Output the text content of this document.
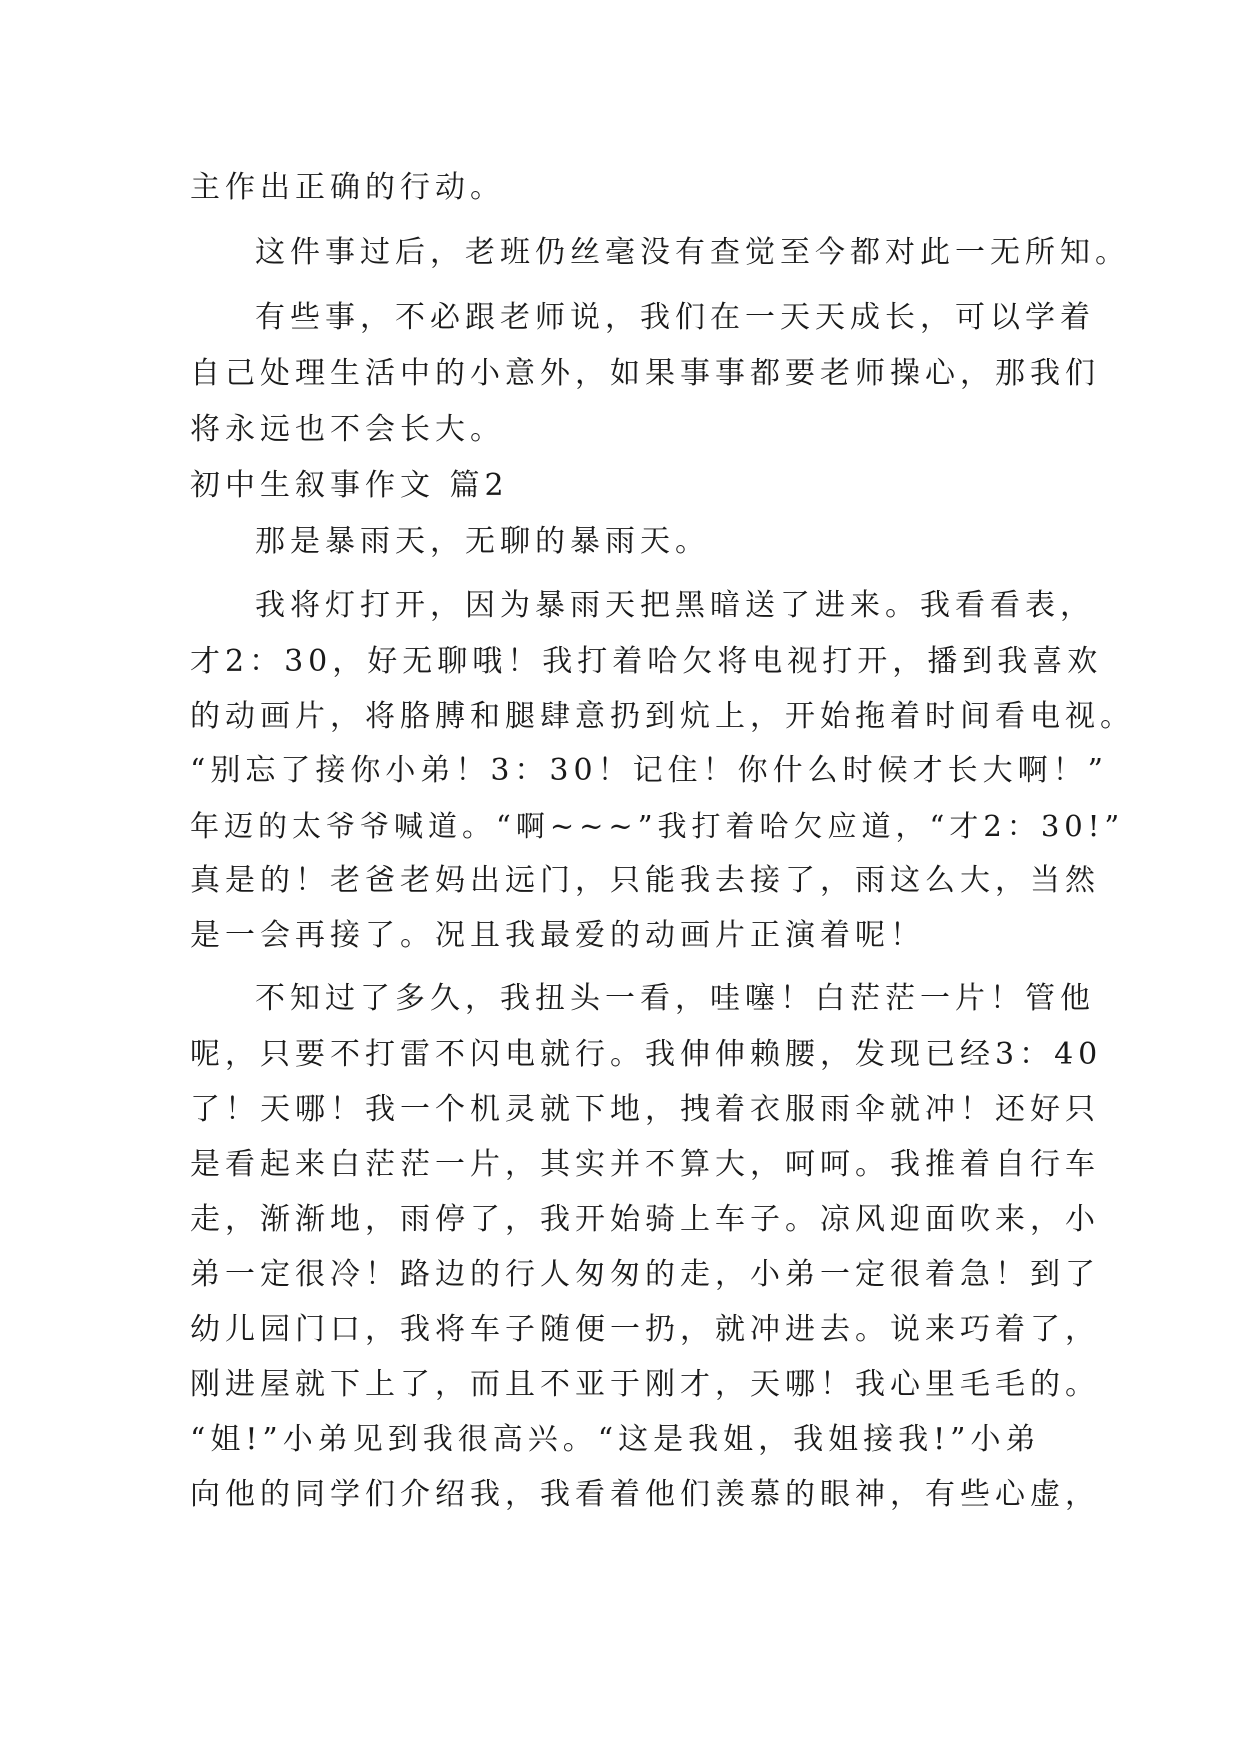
主作出正确的行动。
这件事过后，老班仍丝毫没有查觉至今都对此一无所知。
有些事，不必跟老师说，我们在一天天成长，可以学着
自己处理生活中的小意外，如果事事都要老师操心，那我们
将永远也不会长大。
初中生叙事作文 篇2
那是暴雨天，无聊的暴雨天。
我将灯打开，因为暴雨天把黑暗送了进来。我看看表，
才2：30，好无聊哦！我打着哈欠将电视打开，播到我喜欢
的动画片，将胳膊和腿肆意扔到炕上，开始拖着时间看电视。
“别忘了接你小弟！3：30！记住！你什么时候才长大啊！”
年迈的太爷爷喊道。“啊~~~”我打着哈欠应道，“才2：30!”
真是的！老爸老妈出远门，只能我去接了，雨这么大，当然
是一会再接了。况且我最爱的动画片正演着呢！
不知过了多久，我扭头一看，哇噻！白茫茫一片！管他
呢，只要不打雷不闪电就行。我伸伸赖腰，发现已经3：40
了！天哪！我一个机灵就下地，拽着衣服雨伞就冲！还好只
是看起来白茫茫一片，其实并不算大，呵呵。我推着自行车
走，渐渐地，雨停了，我开始骑上车子。凉风迎面吹来，小
弟一定很冷！路边的行人匆匆的走，小弟一定很着急！到了
幼儿园门口，我将车子随便一扔，就冲进去。说来巧着了，
刚进屋就下上了，而且不亚于刚才，天哪！我心里毛毛的。
“姐!”小弟见到我很高兴。“这是我姐，我姐接我!”小弟
向他的同学们介绍我，我看着他们羡慕的眼神，有些心虚，
